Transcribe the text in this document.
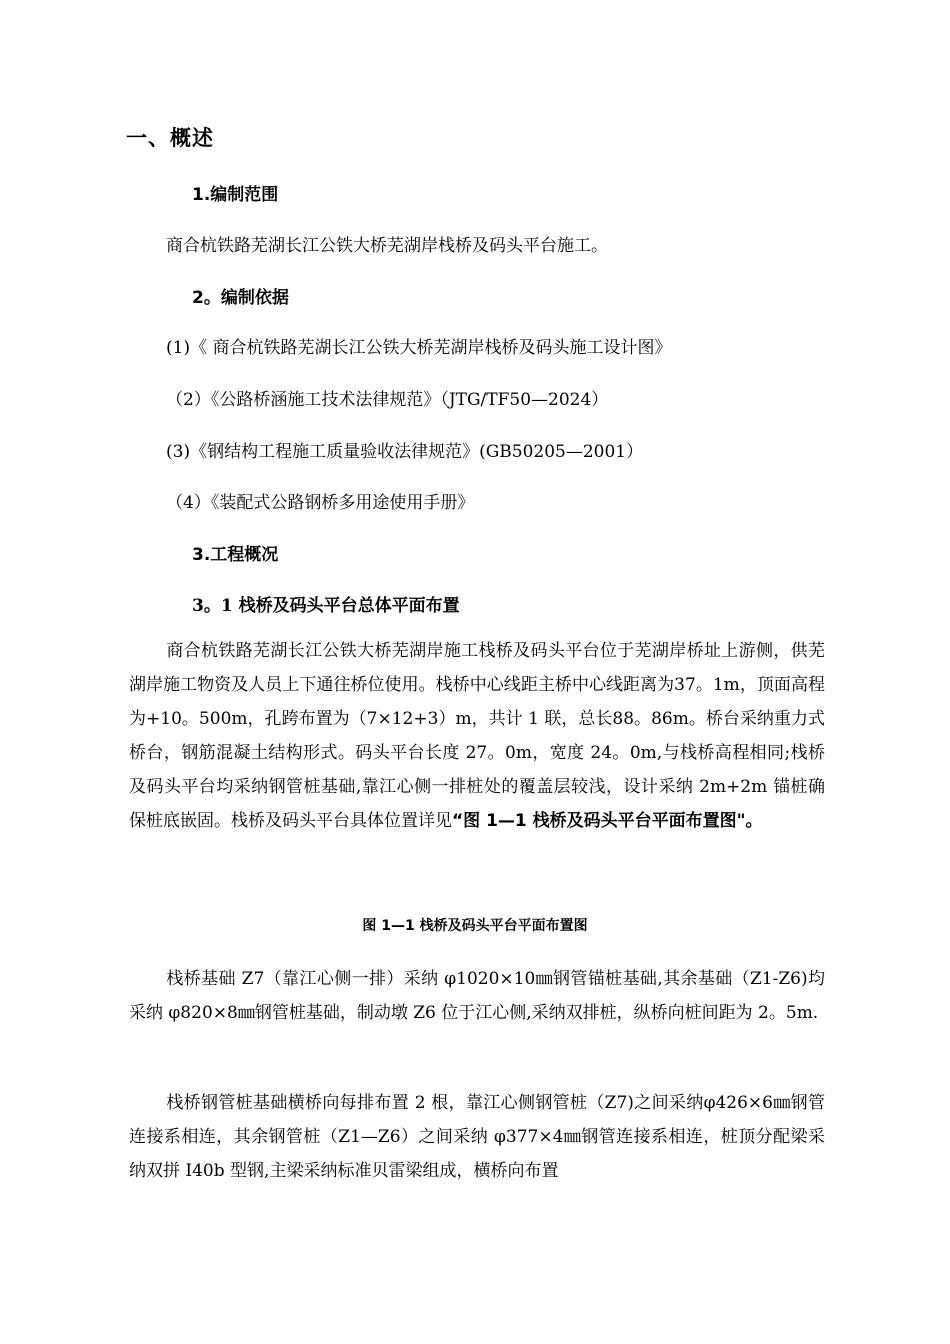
一、概述
1.编制范围
商合杭铁路芜湖长江公铁大桥芜湖岸栈桥及码头平台施工。
2。编制依据
(1)《 商合杭铁路芜湖长江公铁大桥芜湖岸栈桥及码头施工设计图》
（2）《公路桥涵施工技术法律规范》（JTG/TF50—2024）
(3)《钢结构工程施工质量验收法律规范》(GB50205—2001）
（4）《装配式公路钢桥多用途使用手册》
3.工程概况
3。1 栈桥及码头平台总体平面布置
商合杭铁路芜湖长江公铁大桥芜湖岸施工栈桥及码头平台位于芜湖岸桥址上游侧，供芜湖岸施工物资及人员上下通往桥位使用。栈桥中心线距主桥中心线距离为37。1m，顶面高程为+10。500m，孔跨布置为（7×12+3）m，共计 1 联，总长88。86m。桥台采纳重力式桥台，钢筋混凝土结构形式。码头平台长度 27。0m，宽度 24。0m,与栈桥高程相同;栈桥及码头平台均采纳钢管桩基础,靠江心侧一排桩处的覆盖层较浅，设计采纳 2m+2m 锚桩确保桩底嵌固。栈桥及码头平台具体位置详见“图 1—1 栈桥及码头平台平面布置图"。
图 1—1 栈桥及码头平台平面布置图
栈桥基础 Z7（靠江心侧一排）采纳 φ1020×10㎜钢管锚桩基础,其余基础（Z1-Z6)均采纳 φ820×8㎜钢管桩基础，制动墩 Z6 位于江心侧,采纳双排桩，纵桥向桩间距为 2。5m.
栈桥钢管桩基础横桥向每排布置 2 根，靠江心侧钢管桩（Z7)之间采纳φ426×6㎜钢管连接系相连，其余钢管桩（Z1—Z6）之间采纳 φ377×4㎜钢管连接系相连，桩顶分配梁采纳双拼 I40b 型钢,主梁采纳标准贝雷梁组成，横桥向布置
